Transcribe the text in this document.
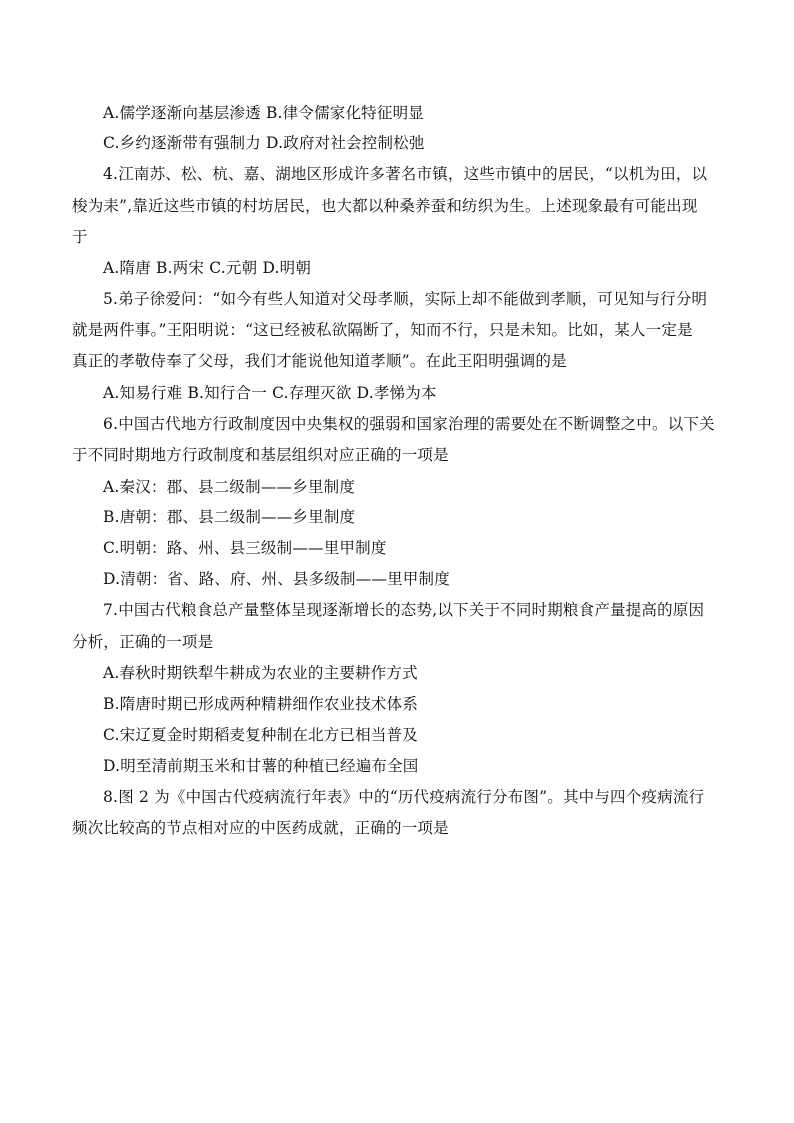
A.儒学逐渐向基层渗透 B.律令儒家化特征明显
C.乡约逐渐带有强制力 D.政府对社会控制松弛
4.江南苏、松、杭、嘉、湖地区形成许多著名市镇，这些市镇中的居民，“以机为田，以
梭为耒”,靠近这些市镇的村坊居民，也大都以种桑养蚕和纺织为生。上述现象最有可能出现
于
A.隋唐 B.两宋 C.元朝 D.明朝
5.弟子徐爱问：“如今有些人知道对父母孝顺，实际上却不能做到孝顺，可见知与行分明
就是两件事。”王阳明说：“这已经被私欲隔断了，知而不行，只是未知。比如，某人一定是
真正的孝敬侍奉了父母，我们才能说他知道孝顺”。在此王阳明强调的是
A.知易行难 B.知行合一 C.存理灭欲 D.孝悌为本
6.中国古代地方行政制度因中央集权的强弱和国家治理的需要处在不断调整之中。以下关
于不同时期地方行政制度和基层组织对应正确的一项是
A.秦汉：郡、县二级制——乡里制度
B.唐朝：郡、县二级制——乡里制度
C.明朝：路、州、县三级制——里甲制度
D.清朝：省、路、府、州、县多级制——里甲制度
7.中国古代粮食总产量整体呈现逐渐增长的态势,以下关于不同时期粮食产量提高的原因
分析，正确的一项是
A.春秋时期铁犁牛耕成为农业的主要耕作方式
B.隋唐时期已形成两种精耕细作农业技术体系
C.宋辽夏金时期稻麦复种制在北方已相当普及
D.明至清前期玉米和甘薯的种植已经遍布全国
8.图 2 为《中国古代疫病流行年表》中的“历代疫病流行分布图”。其中与四个疫病流行
频次比较高的节点相对应的中医药成就，正确的一项是
